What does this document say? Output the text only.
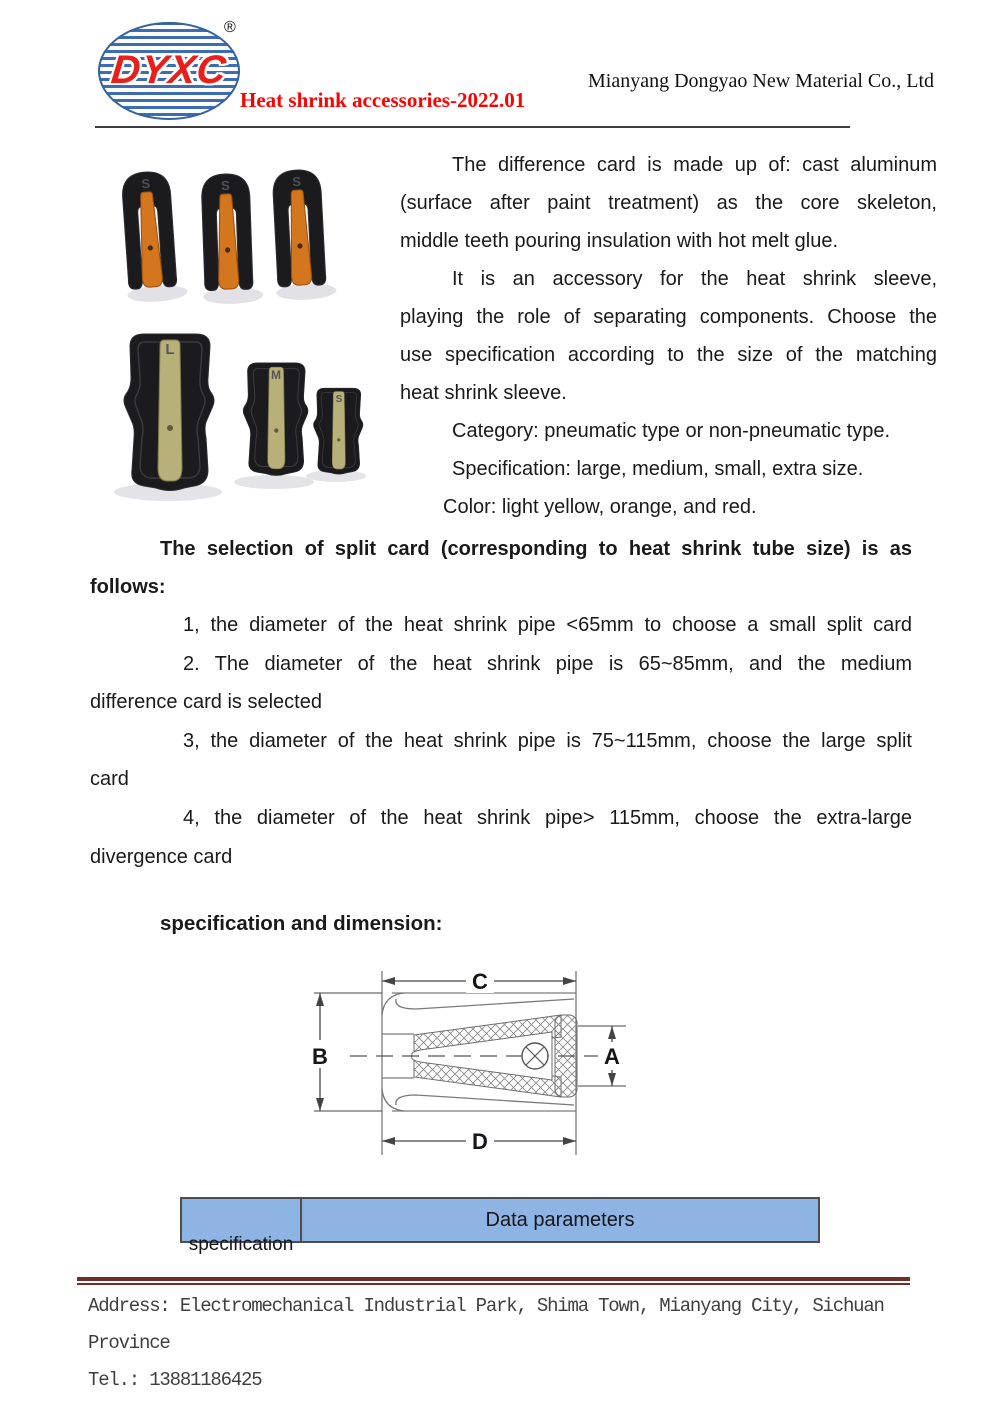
DYXC
®
Heat shrink accessories-2022.01
Mianyang Dongyao New Material Co., Ltd
S	S	S
L
M
S
The difference card is made up of: cast aluminum
(surface after paint treatment) as the core skeleton,
middle teeth pouring insulation with hot melt glue.
It is an accessory for the heat shrink sleeve,
playing the role of separating components. Choose the
use specification according to the size of the matching
heat shrink sleeve.
Category: pneumatic type or non-pneumatic type.
Specification: large, medium, small, extra size.
Color: light yellow, orange, and red.
The selection of split card (corresponding to heat shrink tube size) is as
follows:
1, the diameter of the heat shrink pipe <65mm to choose a small split card
2. The diameter of the heat shrink pipe is 65~85mm, and the medium
difference card is selected
3, the diameter of the heat shrink pipe is 75~115mm, choose the large split
card
4, the diameter of the heat shrink pipe> 115mm, choose the extra-large
divergence card
specification and dimension:
C
D
B	A
specification
Data parameters
Address: Electromechanical Industrial Park, Shima Town, Mianyang City, Sichuan
Province
Tel.: 13881186425
